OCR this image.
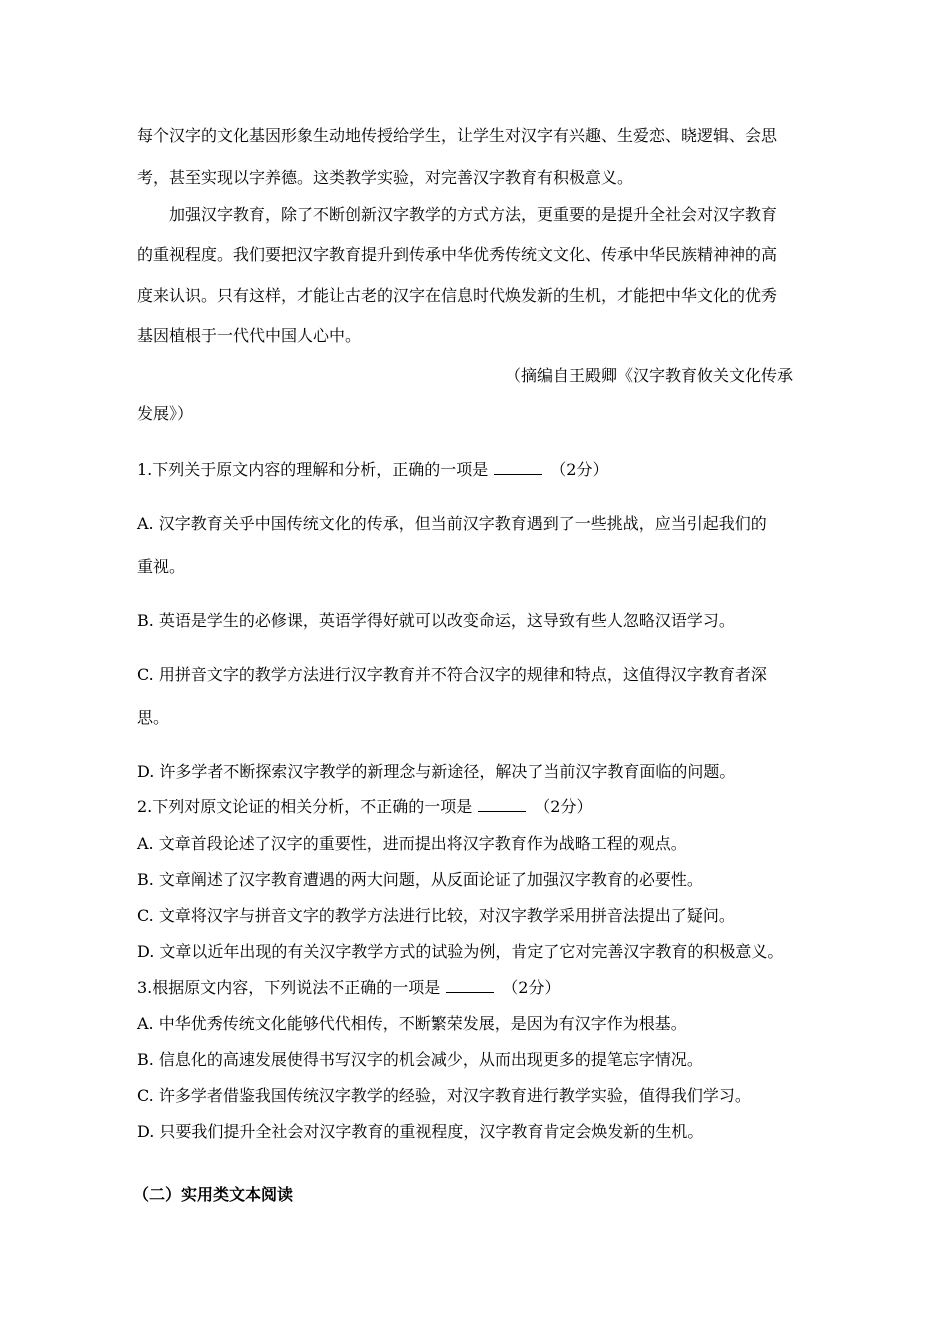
每个汉字的文化基因形象生动地传授给学生，让学生对汉字有兴趣、生爱恋、晓逻辑、会思
考，甚至实现以字养德。这类教学实验，对完善汉字教育有积极意义。
加强汉字教育，除了不断创新汉字教学的方式方法，更重要的是提升全社会对汉字教育
的重视程度。我们要把汉字教育提升到传承中华优秀传统文文化、传承中华民族精神神的高
度来认识。只有这样，才能让古老的汉字在信息时代焕发新的生机，才能把中华文化的优秀
基因植根于一代代中国人心中。
（摘编自王殿卿《汉字教育攸关文化传承
发展》）
1.下列关于原文内容的理解和分析，正确的一项是	（2分）
A. 汉字教育关乎中国传统文化的传承，但当前汉字教育遇到了一些挑战，应当引起我们的
重视。
B. 英语是学生的必修课，英语学得好就可以改变命运，这导致有些人忽略汉语学习。
C. 用拼音文字的教学方法进行汉字教育并不符合汉字的规律和特点，这值得汉字教育者深
思。
D. 许多学者不断探索汉字教学的新理念与新途径，解决了当前汉字教育面临的问题。
2.下列对原文论证的相关分析，不正确的一项是	（2分）
A. 文章首段论述了汉字的重要性，进而提出将汉字教育作为战略工程的观点。
B. 文章阐述了汉字教育遭遇的两大问题，从反面论证了加强汉字教育的必要性。
C. 文章将汉字与拼音文字的教学方法进行比较，对汉字教学采用拼音法提出了疑问。
D. 文章以近年出现的有关汉字教学方式的试验为例，肯定了它对完善汉字教育的积极意义。
3.根据原文内容，下列说法不正确的一项是	（2分）
A. 中华优秀传统文化能够代代相传，不断繁荣发展，是因为有汉字作为根基。
B. 信息化的高速发展使得书写汉字的机会减少，从而出现更多的提笔忘字情况。
C. 许多学者借鉴我国传统汉字教学的经验，对汉字教育进行教学实验，值得我们学习。
D. 只要我们提升全社会对汉字教育的重视程度，汉字教育肯定会焕发新的生机。
（二）实用类文本阅读
